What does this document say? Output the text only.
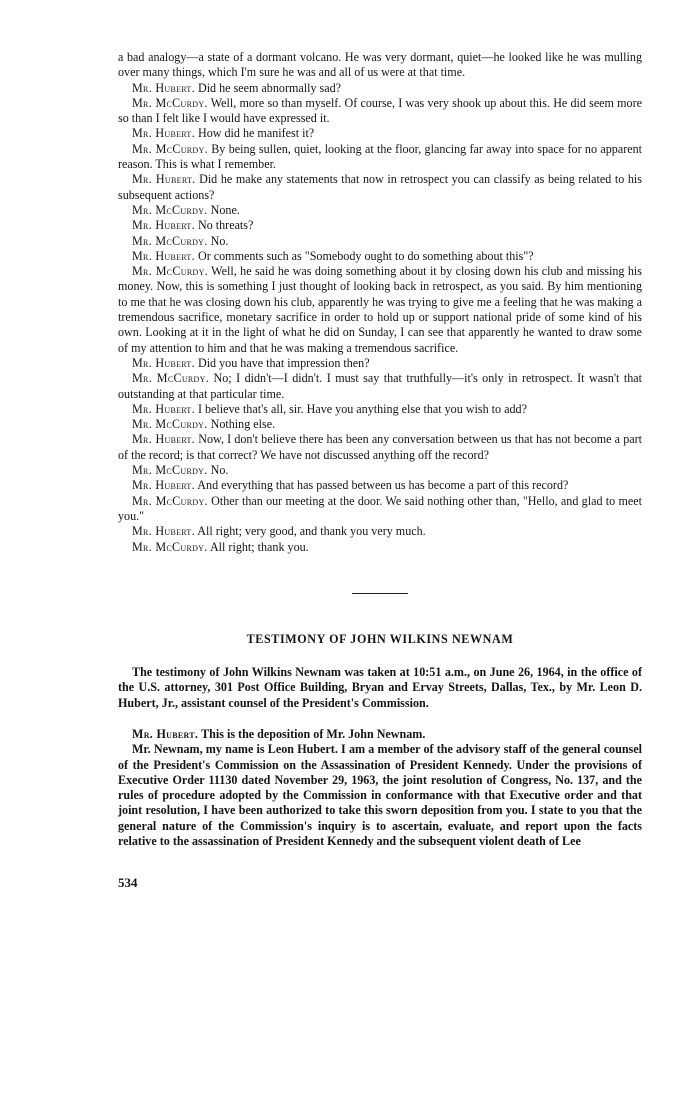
a bad analogy—a state of a dormant volcano. He was very dormant, quiet—he looked like he was mulling over many things, which I'm sure he was and all of us were at that time.

Mr. Hubert. Did he seem abnormally sad?

Mr. McCurdy. Well, more so than myself. Of course, I was very shook up about this. He did seem more so than I felt like I would have expressed it.

Mr. Hubert. How did he manifest it?

Mr. McCurdy. By being sullen, quiet, looking at the floor, glancing far away into space for no apparent reason. This is what I remember.

Mr. Hubert. Did he make any statements that now in retrospect you can classify as being related to his subsequent actions?

Mr. McCurdy. None.

Mr. Hubert. No threats?

Mr. McCurdy. No.

Mr. Hubert. Or comments such as "Somebody ought to do something about this"?

Mr. McCurdy. Well, he said he was doing something about it by closing down his club and missing his money. Now, this is something I just thought of looking back in retrospect, as you said. By him mentioning to me that he was closing down his club, apparently he was trying to give me a feeling that he was making a tremendous sacrifice, monetary sacrifice in order to hold up or support national pride of some kind of his own. Looking at it in the light of what he did on Sunday, I can see that apparently he wanted to draw some of my attention to him and that he was making a tremendous sacrifice.

Mr. Hubert. Did you have that impression then?

Mr. McCurdy. No; I didn't—I didn't. I must say that truthfully—it's only in retrospect. It wasn't that outstanding at that particular time.

Mr. Hubert. I believe that's all, sir. Have you anything else that you wish to add?

Mr. McCurdy. Nothing else.

Mr. Hubert. Now, I don't believe there has been any conversation between us that has not become a part of the record; is that correct? We have not discussed anything off the record?

Mr. McCurdy. No.

Mr. Hubert. And everything that has passed between us has become a part of this record?

Mr. McCurdy. Other than our meeting at the door. We said nothing other than, "Hello, and glad to meet you."

Mr. Hubert. All right; very good, and thank you very much.

Mr. McCurdy. All right; thank you.

TESTIMONY OF JOHN WILKINS NEWNAM

The testimony of John Wilkins Newnam was taken at 10:51 a.m., on June 26, 1964, in the office of the U.S. attorney, 301 Post Office Building, Bryan and Ervay Streets, Dallas, Tex., by Mr. Leon D. Hubert, Jr., assistant counsel of the President's Commission.

Mr. Hubert. This is the deposition of Mr. John Newnam.

Mr. Newnam, my name is Leon Hubert. I am a member of the advisory staff of the general counsel of the President's Commission on the Assassination of President Kennedy. Under the provisions of Executive Order 11130 dated November 29, 1963, the joint resolution of Congress, No. 137, and the rules of procedure adopted by the Commission in conformance with that Executive order and that joint resolution, I have been authorized to take this sworn deposition from you. I state to you that the general nature of the Commission's inquiry is to ascertain, evaluate, and report upon the facts relative to the assassination of President Kennedy and the subsequent violent death of Lee

534
